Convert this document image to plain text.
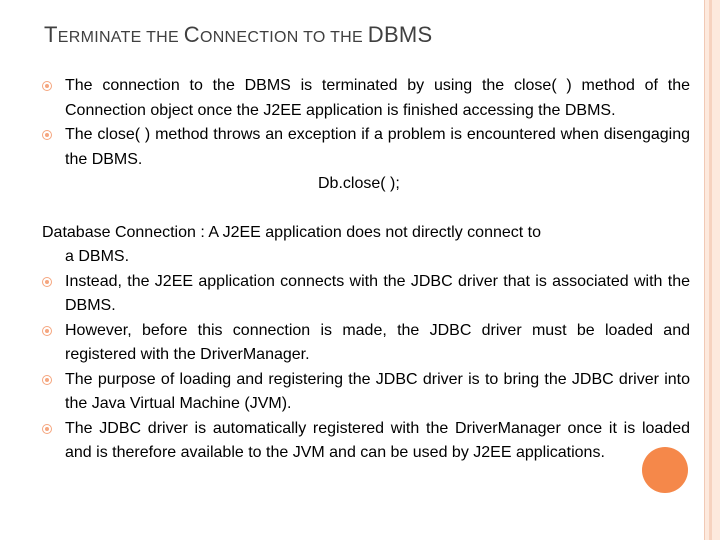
TERMINATE THE CONNECTION TO THE DBMS
The connection to the DBMS is terminated by using the close( ) method of the Connection object once the J2EE application is finished accessing the DBMS.
The close( ) method throws an exception if a problem is encountered when disengaging the DBMS.
Db.close( );
Database Connection : A J2EE application does not directly connect to
a DBMS.
Instead, the J2EE application connects with the JDBC driver that is associated with the DBMS.
However, before this connection is made, the JDBC driver must be loaded and registered with the DriverManager.
The purpose of loading and registering the JDBC driver is to bring the JDBC driver into the Java Virtual Machine (JVM).
The JDBC driver is automatically registered with the DriverManager once it is loaded and is therefore available to the JVM and can be used by J2EE applications.
